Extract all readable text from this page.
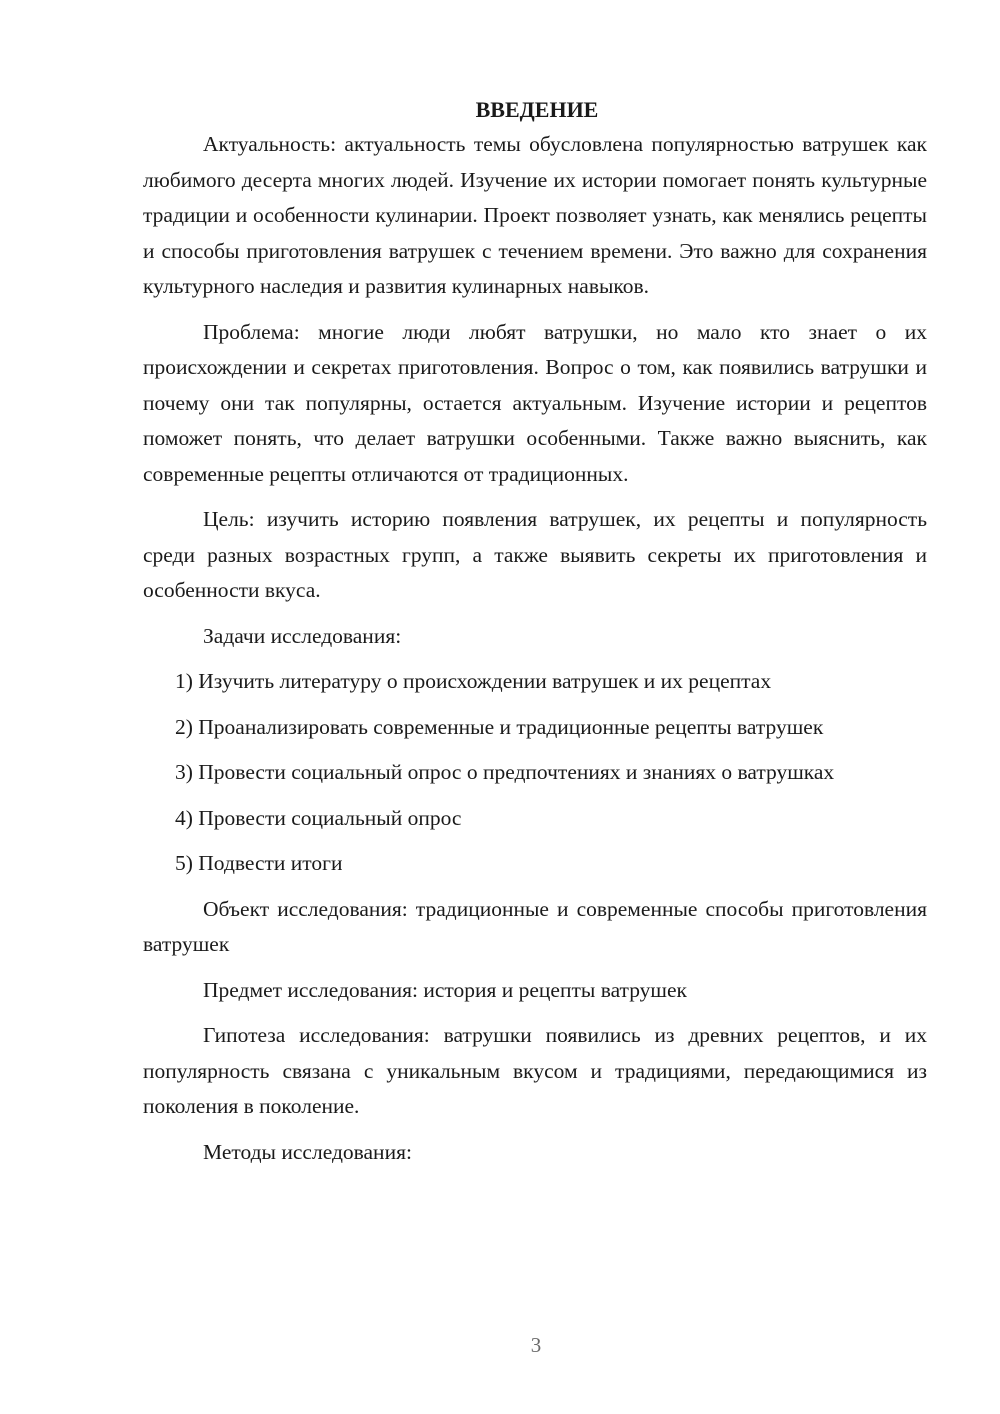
ВВЕДЕНИЕ

Актуальность: актуальность темы обусловлена популярностью ватрушек как любимого десерта многих людей. Изучение их истории помогает понять культурные традиции и особенности кулинарии. Проект позволяет узнать, как менялись рецепты и способы приготовления ватрушек с течением времени. Это важно для сохранения культурного наследия и развития кулинарных навыков.

Проблема: многие люди любят ватрушки, но мало кто знает о их происхождении и секретах приготовления. Вопрос о том, как появились ватрушки и почему они так популярны, остается актуальным. Изучение истории и рецептов поможет понять, что делает ватрушки особенными. Также важно выяснить, как современные рецепты отличаются от традиционных.

Цель: изучить историю появления ватрушек, их рецепты и популярность среди разных возрастных групп, а также выявить секреты их приготовления и особенности вкуса.

Задачи исследования:

1) Изучить литературу о происхождении ватрушек и их рецептах

2) Проанализировать современные и традиционные рецепты ватрушек

3) Провести социальный опрос о предпочтениях и знаниях о ватрушках

4) Провести социальный опрос

5) Подвести итоги

Объект исследования: традиционные и современные способы приготовления ватрушек

Предмет исследования: история и рецепты ватрушек

Гипотеза исследования: ватрушки появились из древних рецептов, и их популярность связана с уникальным вкусом и традициями, передающимися из поколения в поколение.

Методы исследования:

3
